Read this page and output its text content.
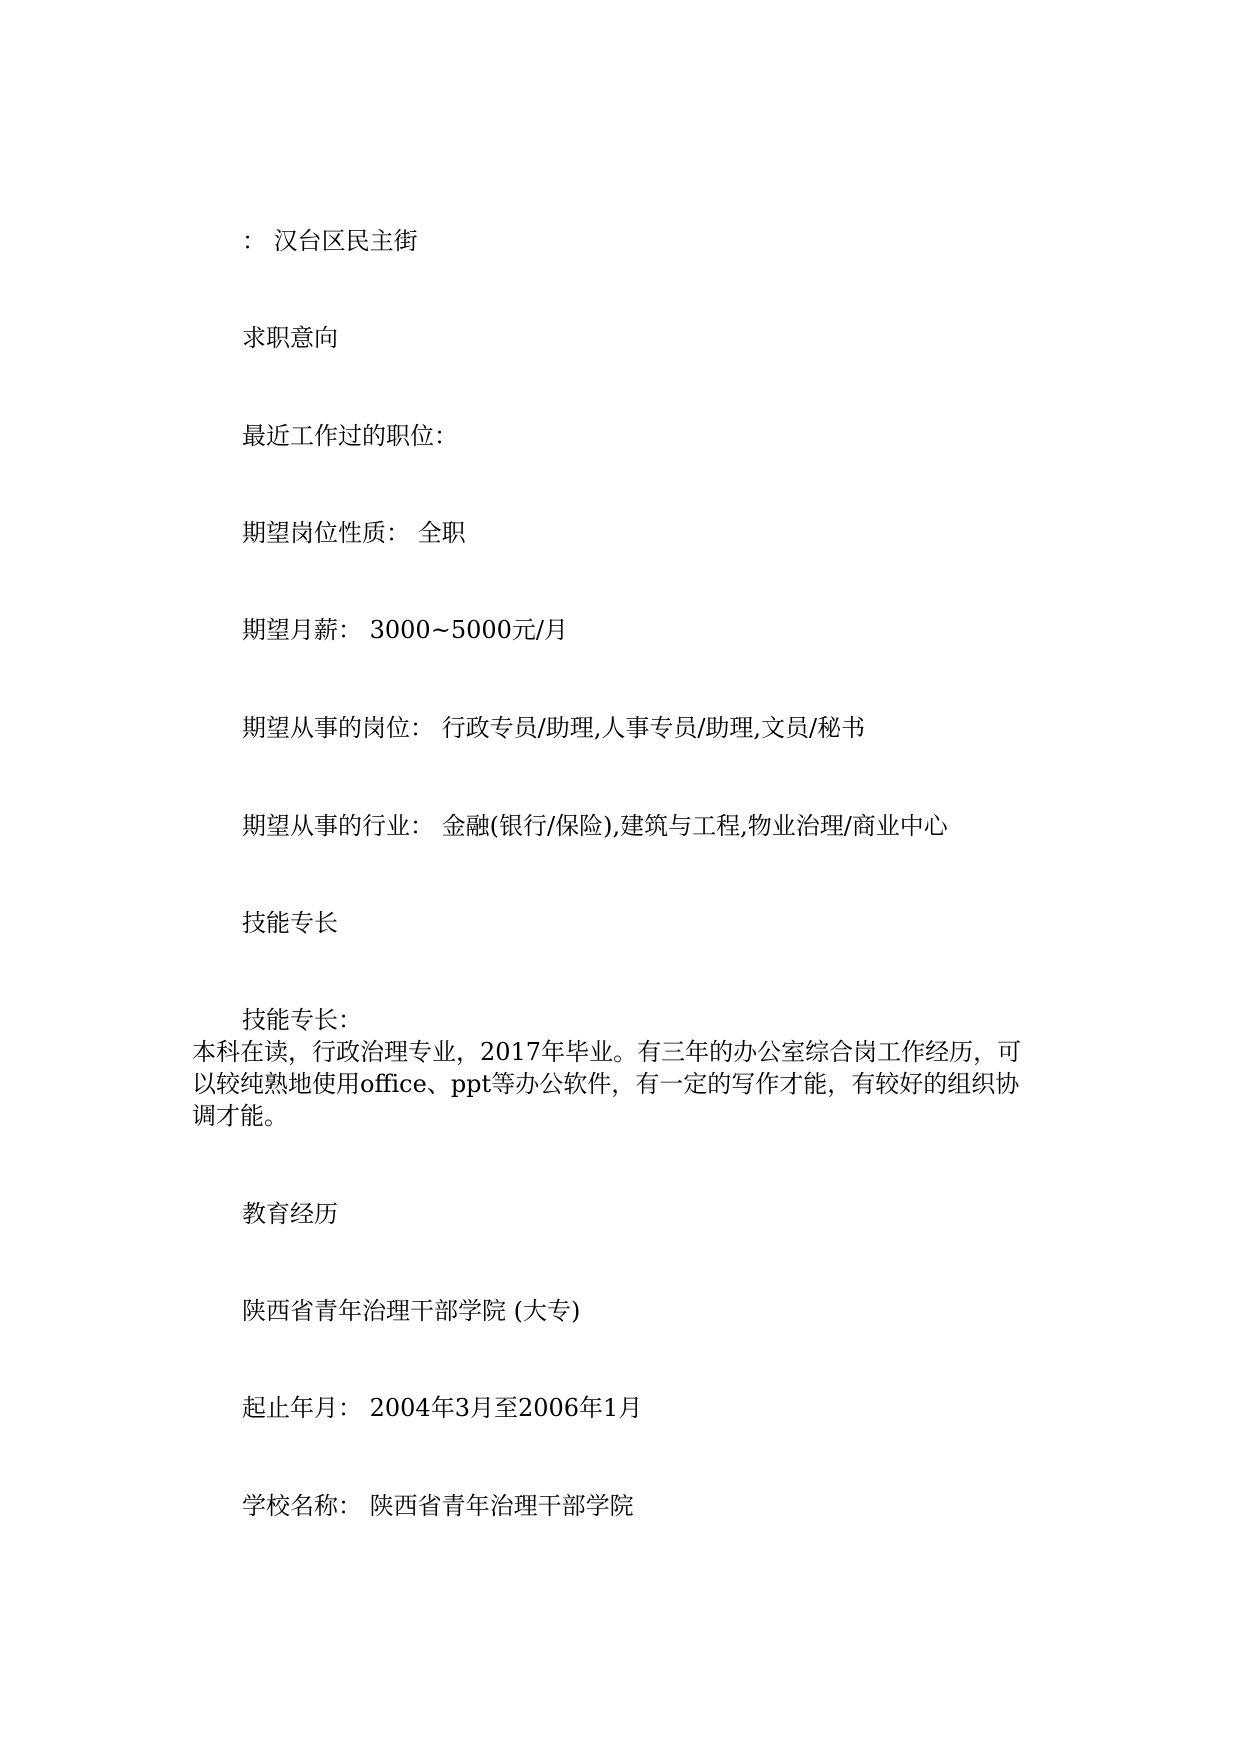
： 汉台区民主街
求职意向
最近工作过的职位：
期望岗位性质： 全职
期望月薪： 3000~5000元/月
期望从事的岗位： 行政专员/助理,人事专员/助理,文员/秘书
期望从事的行业： 金融(银行/保险),建筑与工程,物业治理/商业中心
技能专长
技能专长：
本科在读，行政治理专业，2017年毕业。有三年的办公室综合岗工作经历，可
以较纯熟地使用office、ppt等办公软件，有一定的写作才能，有较好的组织协
调才能。
教育经历
陕西省青年治理干部学院 (大专)
起止年月： 2004年3月至2006年1月
学校名称： 陕西省青年治理干部学院
